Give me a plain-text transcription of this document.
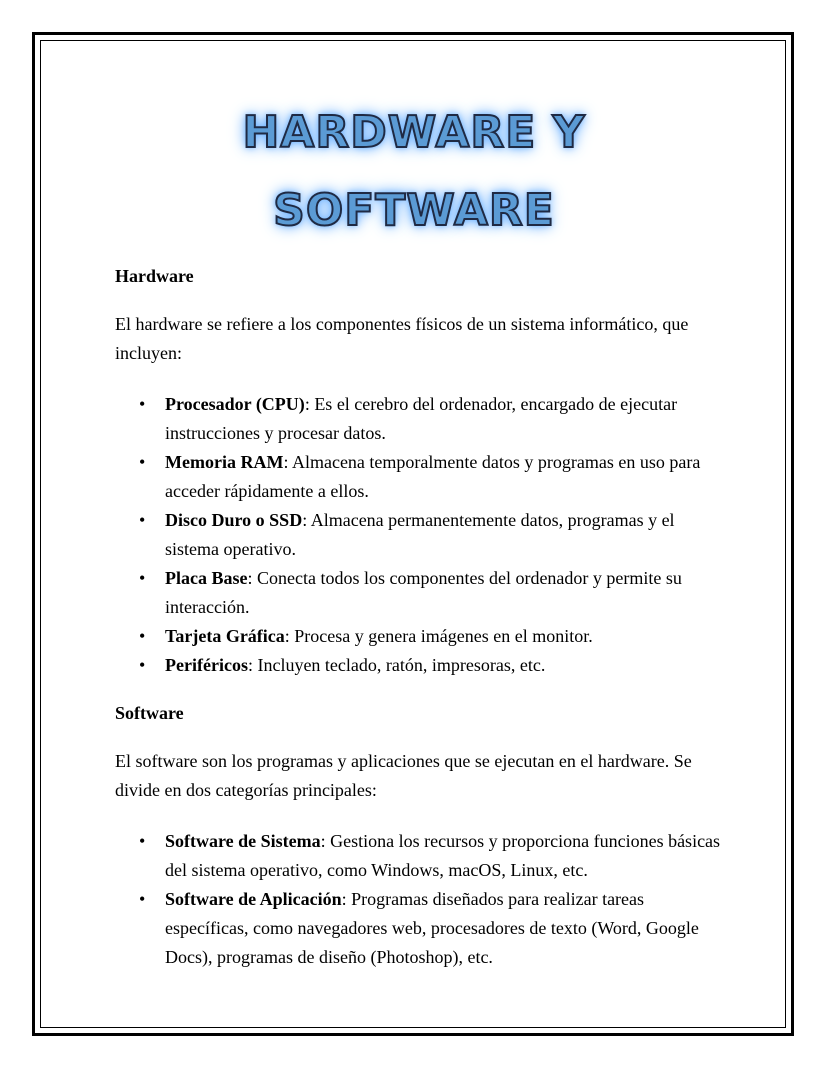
HARDWARE Y
SOFTWARE
Hardware

El hardware se refiere a los componentes físicos de un sistema informático, que incluyen:

• Procesador (CPU): Es el cerebro del ordenador, encargado de ejecutar instrucciones y procesar datos.
• Memoria RAM: Almacena temporalmente datos y programas en uso para acceder rápidamente a ellos.
• Disco Duro o SSD: Almacena permanentemente datos, programas y el sistema operativo.
• Placa Base: Conecta todos los componentes del ordenador y permite su interacción.
• Tarjeta Gráfica: Procesa y genera imágenes en el monitor.
• Periféricos: Incluyen teclado, ratón, impresoras, etc.
Software

El software son los programas y aplicaciones que se ejecutan en el hardware. Se divide en dos categorías principales:

• Software de Sistema: Gestiona los recursos y proporciona funciones básicas del sistema operativo, como Windows, macOS, Linux, etc.
• Software de Aplicación: Programas diseñados para realizar tareas específicas, como navegadores web, procesadores de texto (Word, Google Docs), programas de diseño (Photoshop), etc.
